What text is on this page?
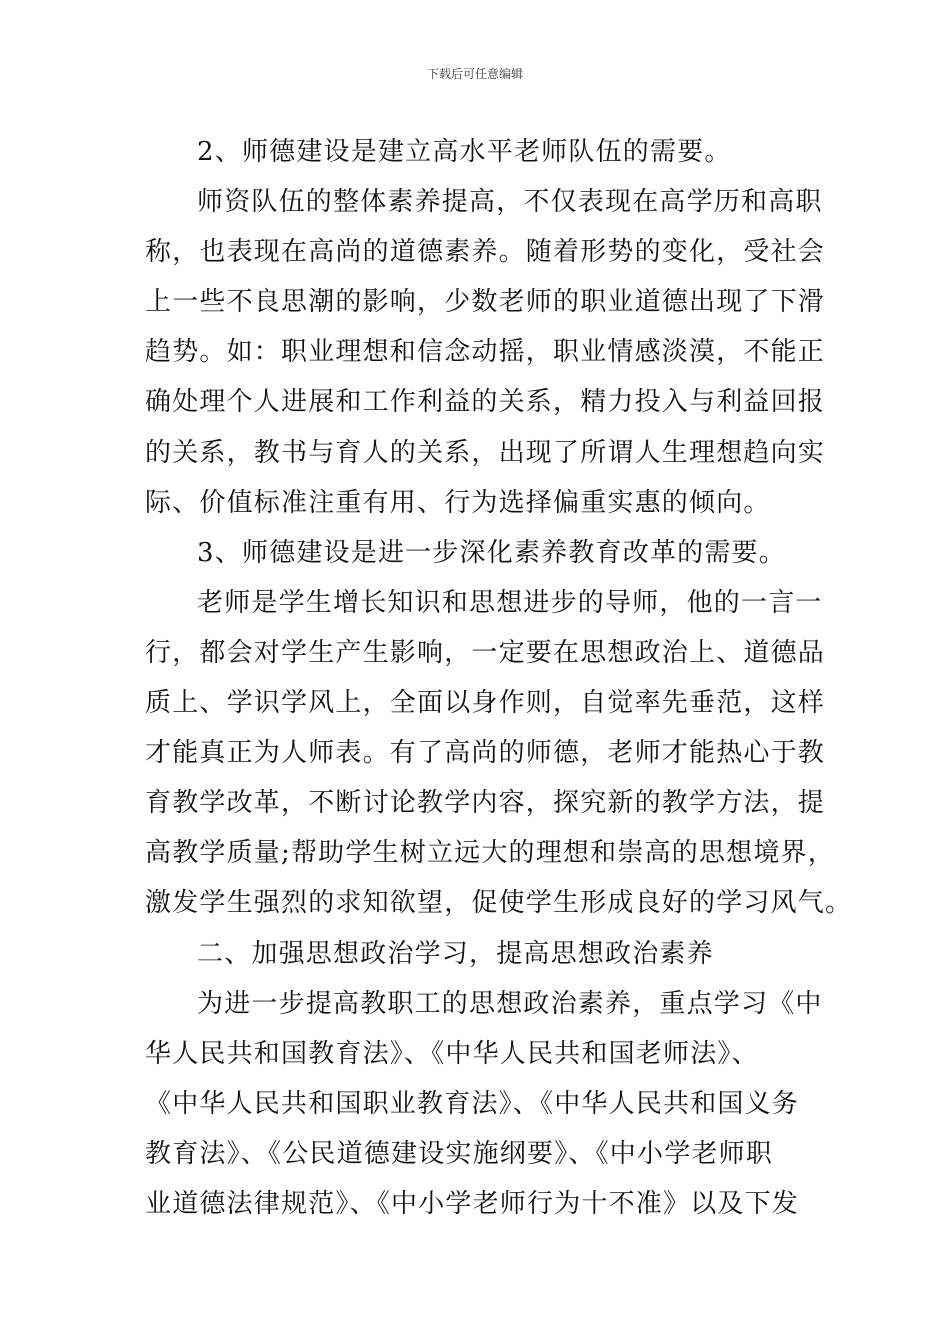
下载后可任意编辑
2、师德建设是建立高水平老师队伍的需要。
师资队伍的整体素养提高，不仅表现在高学历和高职
称，也表现在高尚的道德素养。随着形势的变化，受社会
上一些不良思潮的影响，少数老师的职业道德出现了下滑
趋势。如：职业理想和信念动摇，职业情感淡漠，不能正
确处理个人进展和工作利益的关系，精力投入与利益回报
的关系，教书与育人的关系，出现了所谓人生理想趋向实
际、价值标准注重有用、行为选择偏重实惠的倾向。
3、师德建设是进一步深化素养教育改革的需要。
老师是学生增长知识和思想进步的导师，他的一言一
行，都会对学生产生影响，一定要在思想政治上、道德品
质上、学识学风上，全面以身作则，自觉率先垂范，这样
才能真正为人师表。有了高尚的师德，老师才能热心于教
育教学改革，不断讨论教学内容，探究新的教学方法，提
高教学质量;帮助学生树立远大的理想和崇高的思想境界，
激发学生强烈的求知欲望，促使学生形成良好的学习风气。
二、加强思想政治学习，提高思想政治素养
为进一步提高教职工的思想政治素养，重点学习《中
华人民共和国教育法》、《中华人民共和国老师法》、
《中华人民共和国职业教育法》、《中华人民共和国义务
教育法》、《公民道德建设实施纲要》、《中小学老师职
业道德法律规范》、《中小学老师行为十不准》以及下发
